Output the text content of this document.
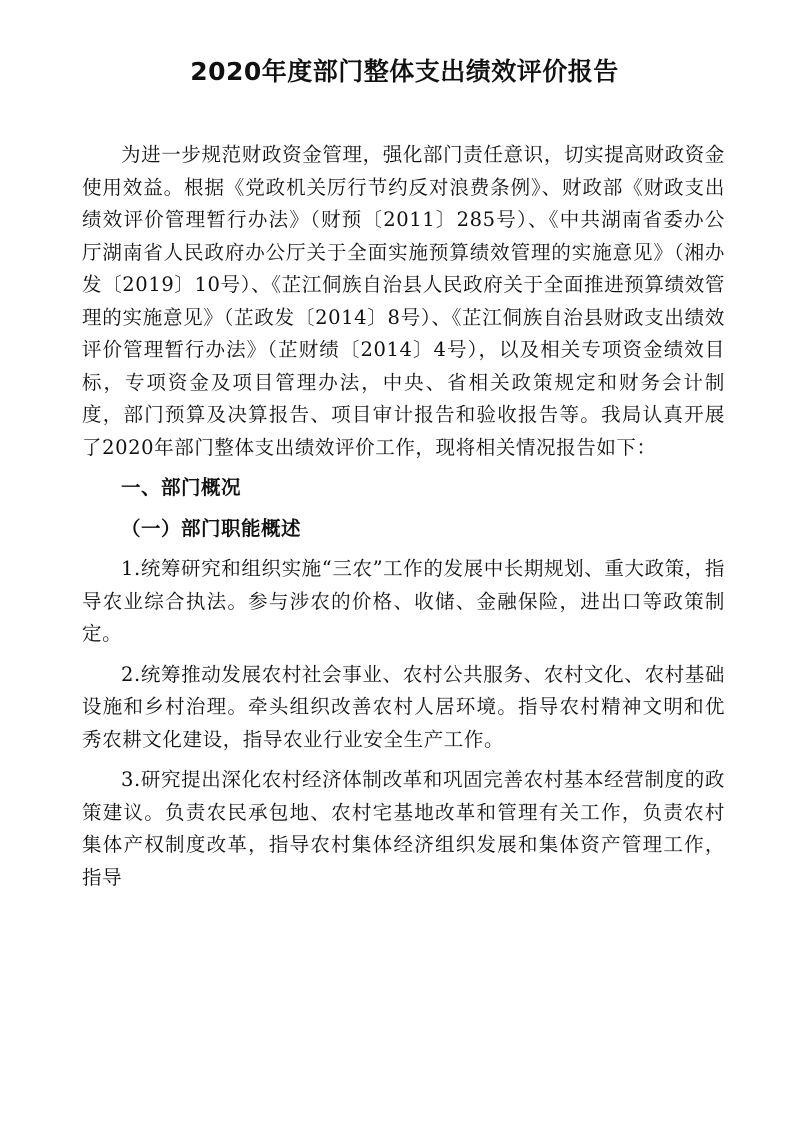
2020年度部门整体支出绩效评价报告

为进一步规范财政资金管理，强化部门责任意识，切实提高财政资金使用效益。根据《党政机关厉行节约反对浪费条例》、财政部《财政支出绩效评价管理暂行办法》（财预〔2011〕285号）、《中共湖南省委办公厅湖南省人民政府办公厅关于全面实施预算绩效管理的实施意见》（湘办发〔2019〕10号）、《芷江侗族自治县人民政府关于全面推进预算绩效管理的实施意见》（芷政发〔2014〕8号）、《芷江侗族自治县财政支出绩效评价管理暂行办法》（芷财绩〔2014〕4号），以及相关专项资金绩效目标，专项资金及项目管理办法，中央、省相关政策规定和财务会计制度，部门预算及决算报告、项目审计报告和验收报告等。我局认真开展了2020年部门整体支出绩效评价工作，现将相关情况报告如下：

一、部门概况

（一）部门职能概述

1.统筹研究和组织实施“三农”工作的发展中长期规划、重大政策，指导农业综合执法。参与涉农的价格、收储、金融保险，进出口等政策制定。

2.统筹推动发展农村社会事业、农村公共服务、农村文化、农村基础设施和乡村治理。牵头组织改善农村人居环境。指导农村精神文明和优秀农耕文化建设，指导农业行业安全生产工作。

3.研究提出深化农村经济体制改革和巩固完善农村基本经营制度的政策建议。负责农民承包地、农村宅基地改革和管理有关工作，负责农村集体产权制度改革，指导农村集体经济组织发展和集体资产管理工作，指导
